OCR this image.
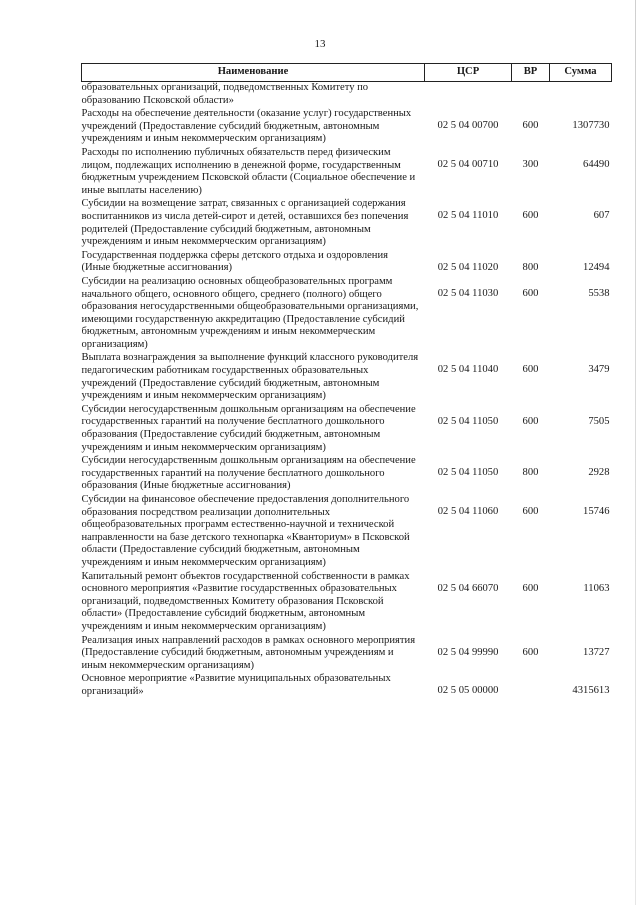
13
Наименование	ЦСР	ВР	Сумма
образовательных организаций, подведомственных Комитету по образованию Псковской области»			
Расходы на обеспечение деятельности (оказание услуг) государственных учреждений (Предоставление субсидий бюджетным, автономным учреждениям и иным некоммерческим организациям)	02 5 04 00700	600	1307730
Расходы по исполнению публичных обязательств перед физическим лицом, подлежащих исполнению в денежной форме, государственным бюджетным учреждением Псковской области (Социальное обеспечение и иные выплаты населению)	02 5 04 00710	300	64490
Субсидии на возмещение затрат, связанных с организацией содержания воспитанников из числа детей-сирот и детей, оставшихся без попечения родителей (Предоставление субсидий бюджетным, автономным учреждениям и иным некоммерческим организациям)	02 5 04 11010	600	607
Государственная поддержка сферы детского отдыха и оздоровления (Иные бюджетные ассигнования)	02 5 04 11020	800	12494
Субсидии на реализацию основных общеобразовательных программ начального общего, основного общего, среднего (полного) общего образования негосударственными общеобразовательными организациями, имеющими государственную аккредитацию (Предоставление субсидий бюджетным, автономным учреждениям и иным некоммерческим организациям)	02 5 04 11030	600	5538
Выплата вознаграждения за выполнение функций классного руководителя педагогическим работникам государственных образовательных учреждений (Предоставление субсидий бюджетным, автономным учреждениям и иным некоммерческим организациям)	02 5 04 11040	600	3479
Субсидии негосударственным дошкольным организациям на обеспечение государственных гарантий на получение бесплатного дошкольного образования (Предоставление субсидий бюджетным, автономным учреждениям и иным некоммерческим организациям)	02 5 04 11050	600	7505
Субсидии негосударственным дошкольным организациям на обеспечение государственных гарантий на получение бесплатного дошкольного образования (Иные бюджетные ассигнования)	02 5 04 11050	800	2928
Субсидии на финансовое обеспечение предоставления дополнительного образования посредством реализации дополнительных общеобразовательных программ естественно-научной и технической направленности на базе детского технопарка «Кванториум» в Псковской области (Предоставление субсидий бюджетным, автономным учреждениям и иным некоммерческим организациям)	02 5 04 11060	600	15746
Капитальный ремонт объектов государственной собственности в рамках основного мероприятия «Развитие государственных образовательных организаций, подведомственных Комитету образования Псковской области» (Предоставление субсидий бюджетным, автономным учреждениям и иным некоммерческим организациям)	02 5 04 66070	600	11063
Реализация иных направлений расходов в рамках основного мероприятия (Предоставление субсидий бюджетным, автономным учреждениям и иным некоммерческим организациям)	02 5 04 99990	600	13727
Основное мероприятие «Развитие муниципальных образовательных организаций»	02 5 05 00000		4315613
